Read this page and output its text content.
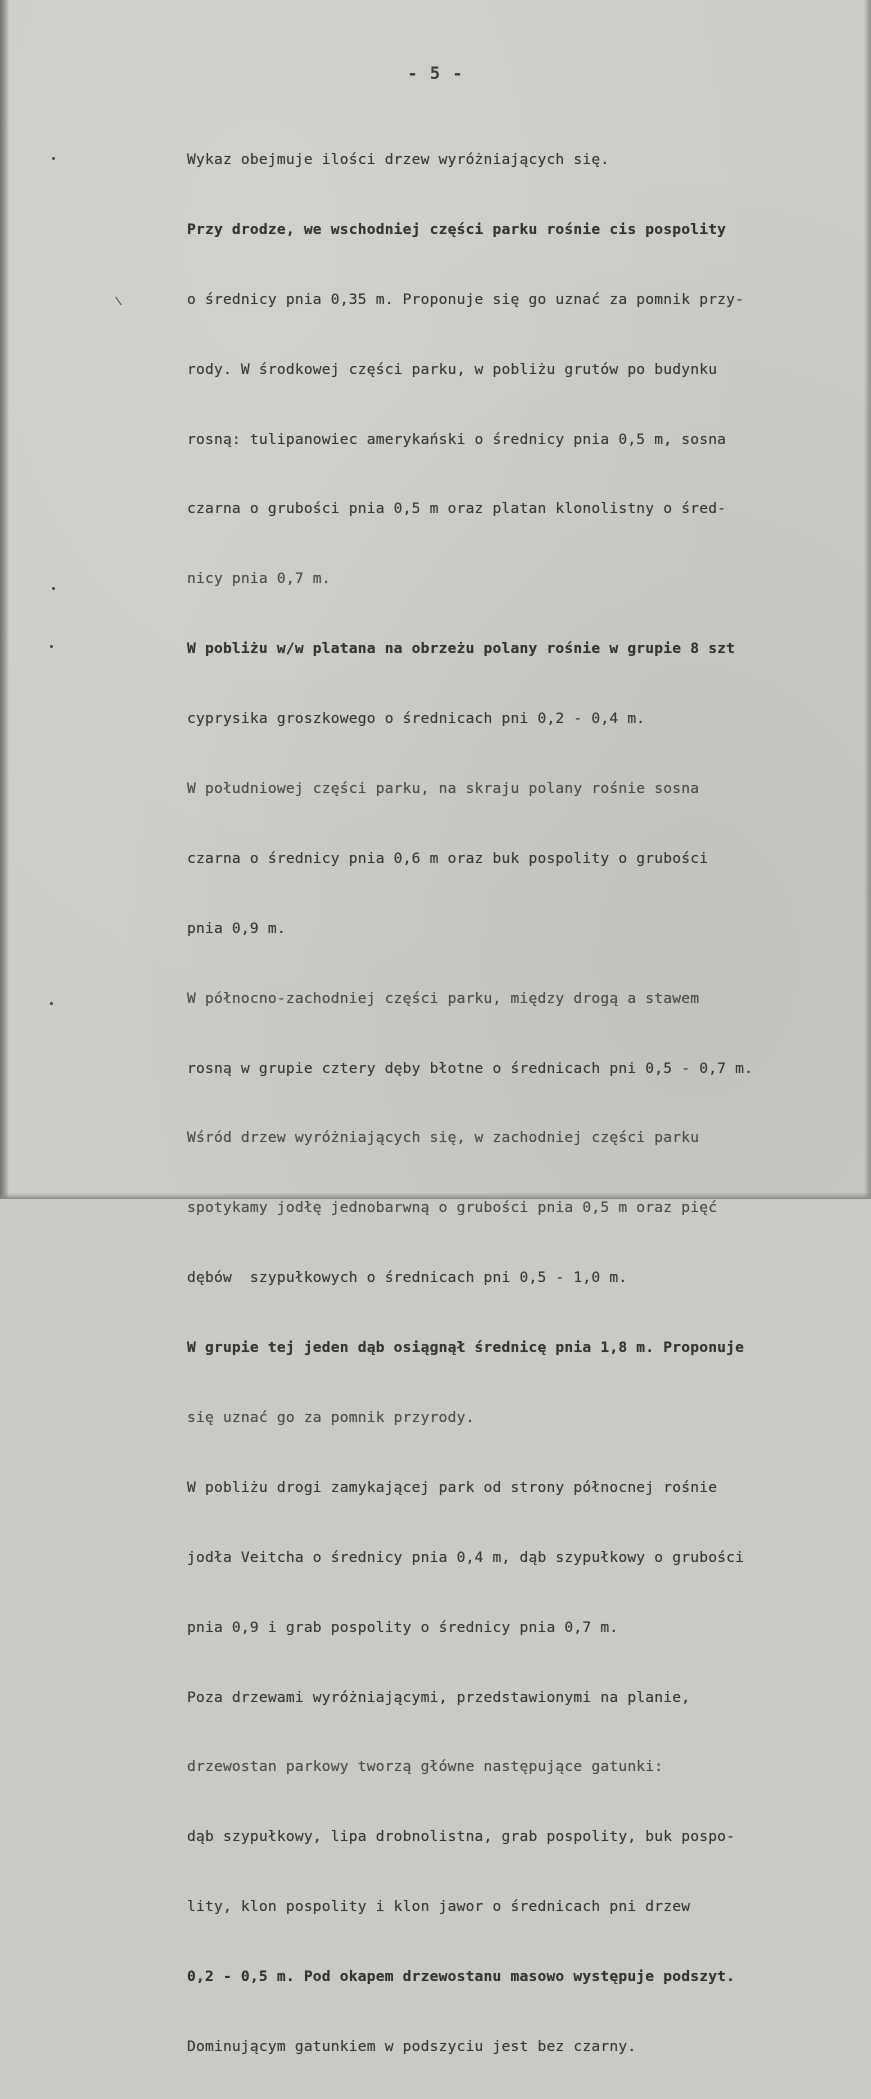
- 5 -

Wykaz obejmuje ilości drzew wyróżniających się.

Przy drodze, we wschodniej części parku rośnie cis pospolity

o średnicy pnia 0,35 m. Proponuje się go uznać za pomnik przy-

rody. W środkowej części parku, w pobliżu grutów po budynku

rosną: tulipanowiec amerykański o średnicy pnia 0,5 m, sosna

czarna o grubości pnia 0,5 m oraz platan klonolistny o śred-

nicy pnia 0,7 m.

W pobliżu w/w platana na obrzeżu polany rośnie w grupie 8 szt

cyprysika groszkowego o średnicach pni 0,2 - 0,4 m.

W południowej części parku, na skraju polany rośnie sosna

czarna o średnicy pnia 0,6 m oraz buk pospolity o grubości

pnia 0,9 m.

W północno-zachodniej części parku, między drogą a stawem

rosną w grupie cztery dęby błotne o średnicach pni 0,5 - 0,7 m.

Wśród drzew wyróżniających się, w zachodniej części parku

spotykamy jodłę jednobarwną o grubości pnia 0,5 m oraz pięć

dębów  szypułkowych o średnicach pni 0,5 - 1,0 m.

W grupie tej jeden dąb osiągnął średnicę pnia 1,8 m. Proponuje

się uznać go za pomnik przyrody.

W pobliżu drogi zamykającej park od strony północnej rośnie

jodła Veitcha o średnicy pnia 0,4 m, dąb szypułkowy o grubości

pnia 0,9 i grab pospolity o średnicy pnia 0,7 m.

Poza drzewami wyróżniającymi, przedstawionymi na planie,

drzewostan parkowy tworzą główne następujące gatunki:

dąb szypułkowy, lipa drobnolistna, grab pospolity, buk pospo-

lity, klon pospolity i klon jawor o średnicach pni drzew

0,2 - 0,5 m. Pod okapem drzewostanu masowo występuje podszyt.

Dominującym gatunkiem w podszyciu jest bez czarny.
